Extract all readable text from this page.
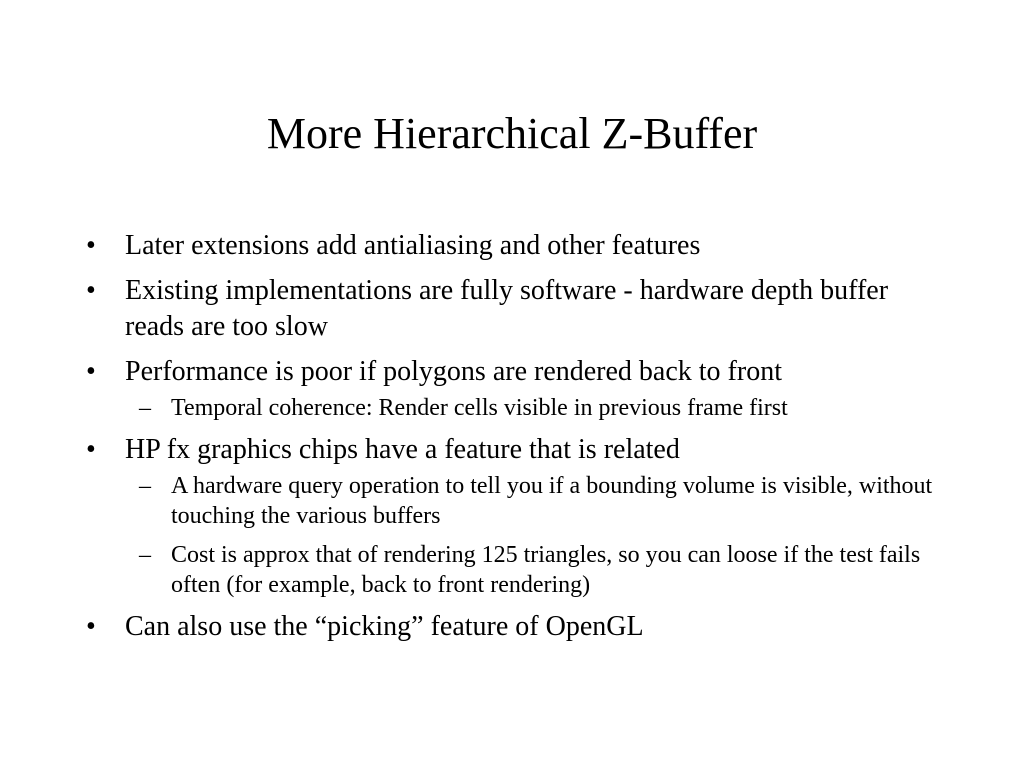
More Hierarchical Z-Buffer
•	Later extensions add antialiasing and other features
•	Existing implementations are fully software - hardware depth buffer reads are too slow
•	Performance is poor if polygons are rendered back to front
– Temporal coherence: Render cells visible in previous frame first
•	HP fx graphics chips have a feature that is related
– A hardware query operation to tell you if a bounding volume is visible, without touching the various buffers
– Cost is approx that of rendering 125 triangles, so you can loose if the test fails often (for example, back to front rendering)
•	Can also use the “picking” feature of OpenGL
